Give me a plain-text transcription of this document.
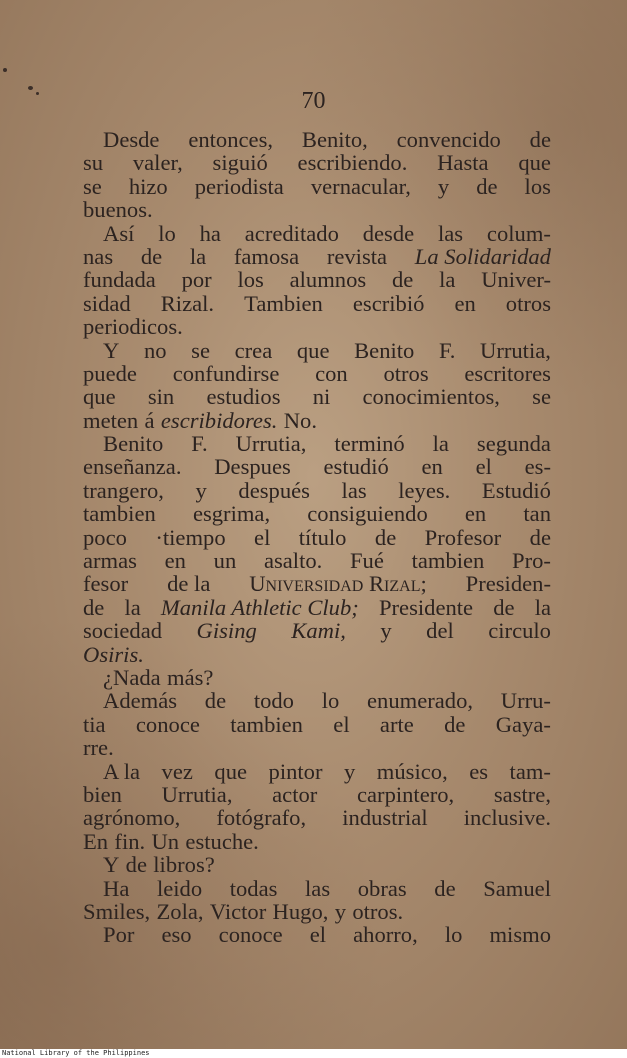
70
Desde entonces, Benito, convencido de
su valer, siguió escribiendo. Hasta que
se hizo periodista vernacular, y de los
buenos.
Así lo ha acreditado desde las colum-
nas de la famosa revista La Solidaridad
fundada por los alumnos de la Univer-
sidad Rizal. Tambien escribió en otros
periodicos.
Y no se crea que Benito F. Urrutia,
puede confundirse con otros escritores
que sin estudios ni conocimientos, se
meten á escribidores. No.
Benito F. Urrutia, terminó la segunda
enseñanza. Despues estudió en el es-
trangero, y después las leyes. Estudió
tambien esgrima, consiguiendo en tan
poco ·tiempo el título de Profesor de
armas en un asalto. Fué tambien Pro-
fesor de la Universidad Rizal; Presiden-
de la Manila Athletic Club; Presidente de la
sociedad Gising Kami, y del circulo
Osiris.
¿Nada más?
Además de todo lo enumerado, Urru-
tia conoce tambien el arte de Gaya-
rre.
A la vez que pintor y músico, es tam-
bien Urrutia, actor carpintero, sastre,
agrónomo, fotógrafo, industrial inclusive.
En fin. Un estuche.
Y de libros?
Ha leido todas las obras de Samuel
Smiles, Zola, Victor Hugo, y otros.
Por eso conoce el ahorro, lo mismo
National Library of the Philippines
